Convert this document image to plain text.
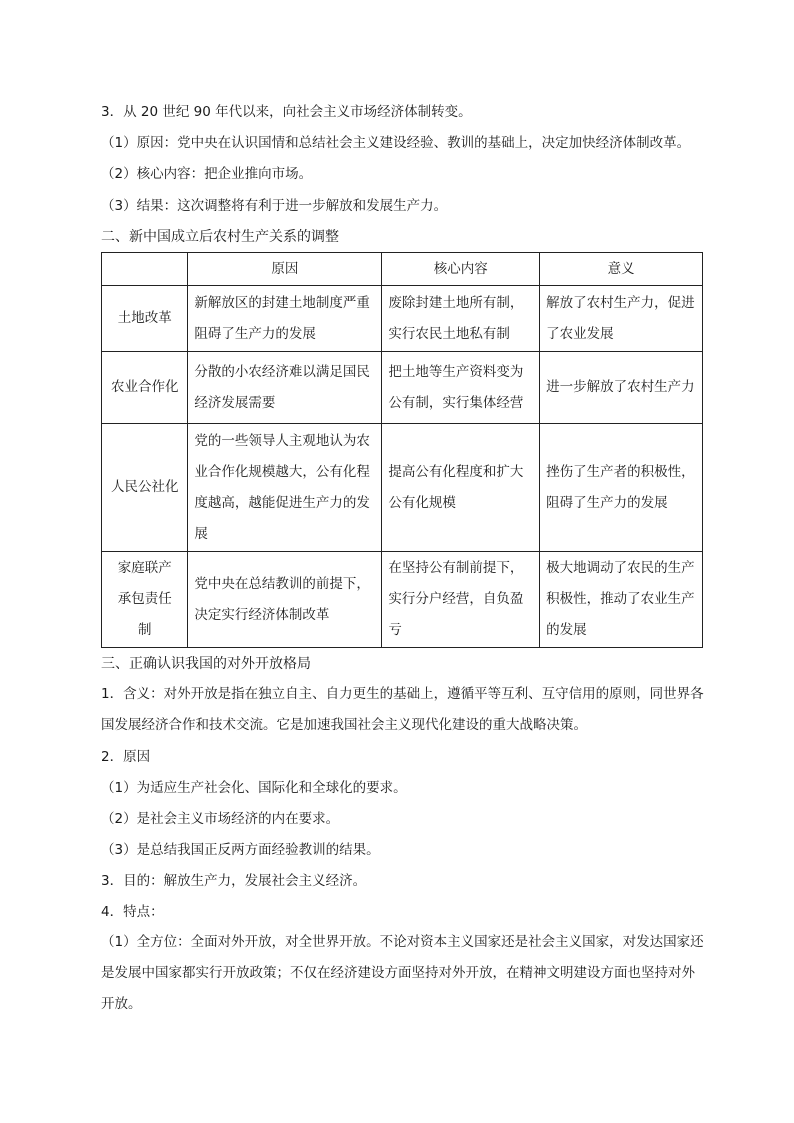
3．从 20 世纪 90 年代以来，向社会主义市场经济体制转变。
（1）原因：党中央在认识国情和总结社会主义建设经验、教训的基础上，决定加快经济体制改革。
（2）核心内容：把企业推向市场。
（3）结果：这次调整将有利于进一步解放和发展生产力。
二、新中国成立后农村生产关系的调整
	原因	核心内容	意义
土地改革	新解放区的封建土地制度严重阻碍了生产力的发展	废除封建土地所有制，实行农民土地私有制	解放了农村生产力，促进了农业发展
农业合作化	分散的小农经济难以满足国民经济发展需要	把土地等生产资料变为公有制，实行集体经营	进一步解放了农村生产力
人民公社化	党的一些领导人主观地认为农业合作化规模越大，公有化程度越高，越能促进生产力的发展	提高公有化程度和扩大公有化规模	挫伤了生产者的积极性，阻碍了生产力的发展
家庭联产承包责任制	党中央在总结教训的前提下，决定实行经济体制改革	在坚持公有制前提下，实行分户经营，自负盈亏	极大地调动了农民的生产积极性，推动了农业生产的发展
三、正确认识我国的对外开放格局
1．含义：对外开放是指在独立自主、自力更生的基础上，遵循平等互利、互守信用的原则，同世界各国发展经济合作和技术交流。它是加速我国社会主义现代化建设的重大战略决策。
2．原因
（1）为适应生产社会化、国际化和全球化的要求。
（2）是社会主义市场经济的内在要求。
（3）是总结我国正反两方面经验教训的结果。
3．目的：解放生产力，发展社会主义经济。
4．特点：
（1）全方位：全面对外开放，对全世界开放。不论对资本主义国家还是社会主义国家，对发达国家还是发展中国家都实行开放政策；不仅在经济建设方面坚持对外开放，在精神文明建设方面也坚持对外开放。
